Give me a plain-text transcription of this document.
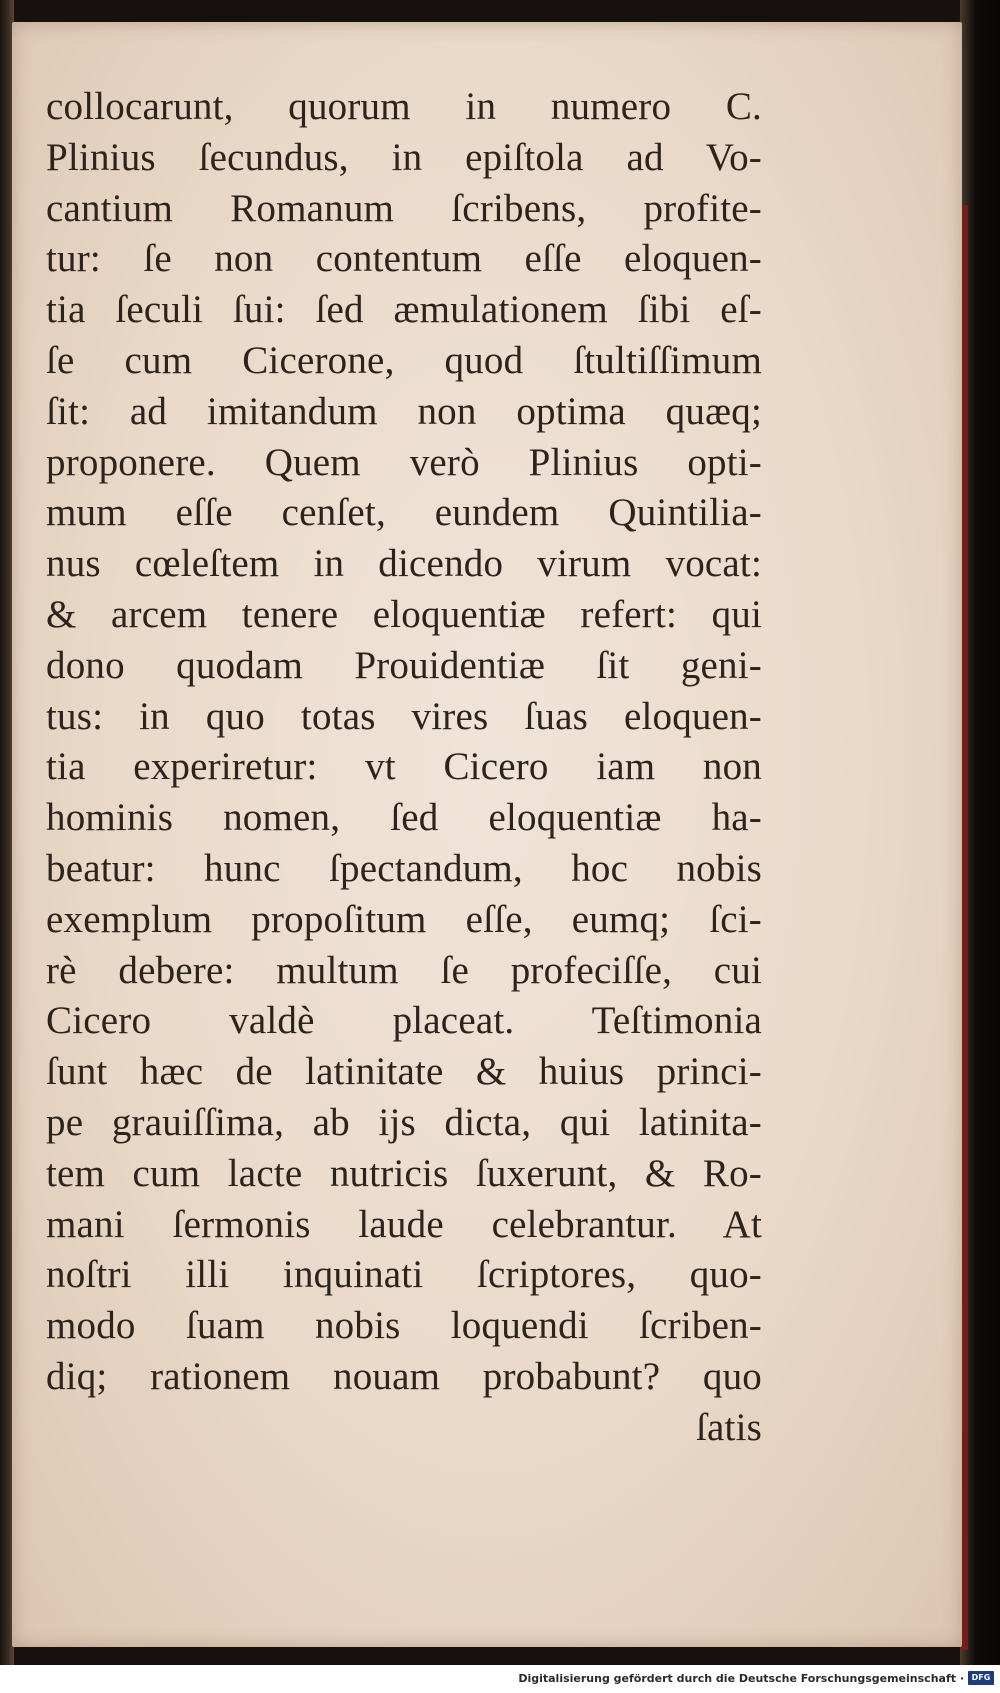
collocarunt, quorum in numero C.
Plinius ſecundus, in epiſtola ad Vo-
cantium Romanum ſcribens, profite-
tur: ſe non contentum eſſe eloquen-
tia ſeculi ſui: ſed æmulationem ſibi eſ-
ſe cum Cicerone, quod ſtultiſſimum
ſit: ad imitandum non optima quæq;
proponere. Quem verò Plinius opti-
mum eſſe cenſet, eundem Quintilia-
nus cœleſtem in dicendo virum vocat:
& arcem tenere eloquentiæ refert: qui
dono quodam Prouidentiæ ſit geni-
tus: in quo totas vires ſuas eloquen-
tia experiretur: vt Cicero iam non
hominis nomen, ſed eloquentiæ ha-
beatur: hunc ſpectandum, hoc nobis
exemplum propoſitum eſſe, eumq; ſci-
rè debere: multum ſe profeciſſe, cui
Cicero valdè placeat. Teſtimonia
ſunt hæc de latinitate & huius princi-
pe grauiſſima, ab ijs dicta, qui latinita-
tem cum lacte nutricis ſuxerunt, & Ro-
mani ſermonis laude celebrantur. At
noſtri illi inquinati ſcriptores, quo-
modo ſuam nobis loquendi ſcriben-
diq; rationem nouam probabunt? quo
ſatis
Digitalisierung gefördert durch die Deutsche Forschungsgemeinschaft · DFG
